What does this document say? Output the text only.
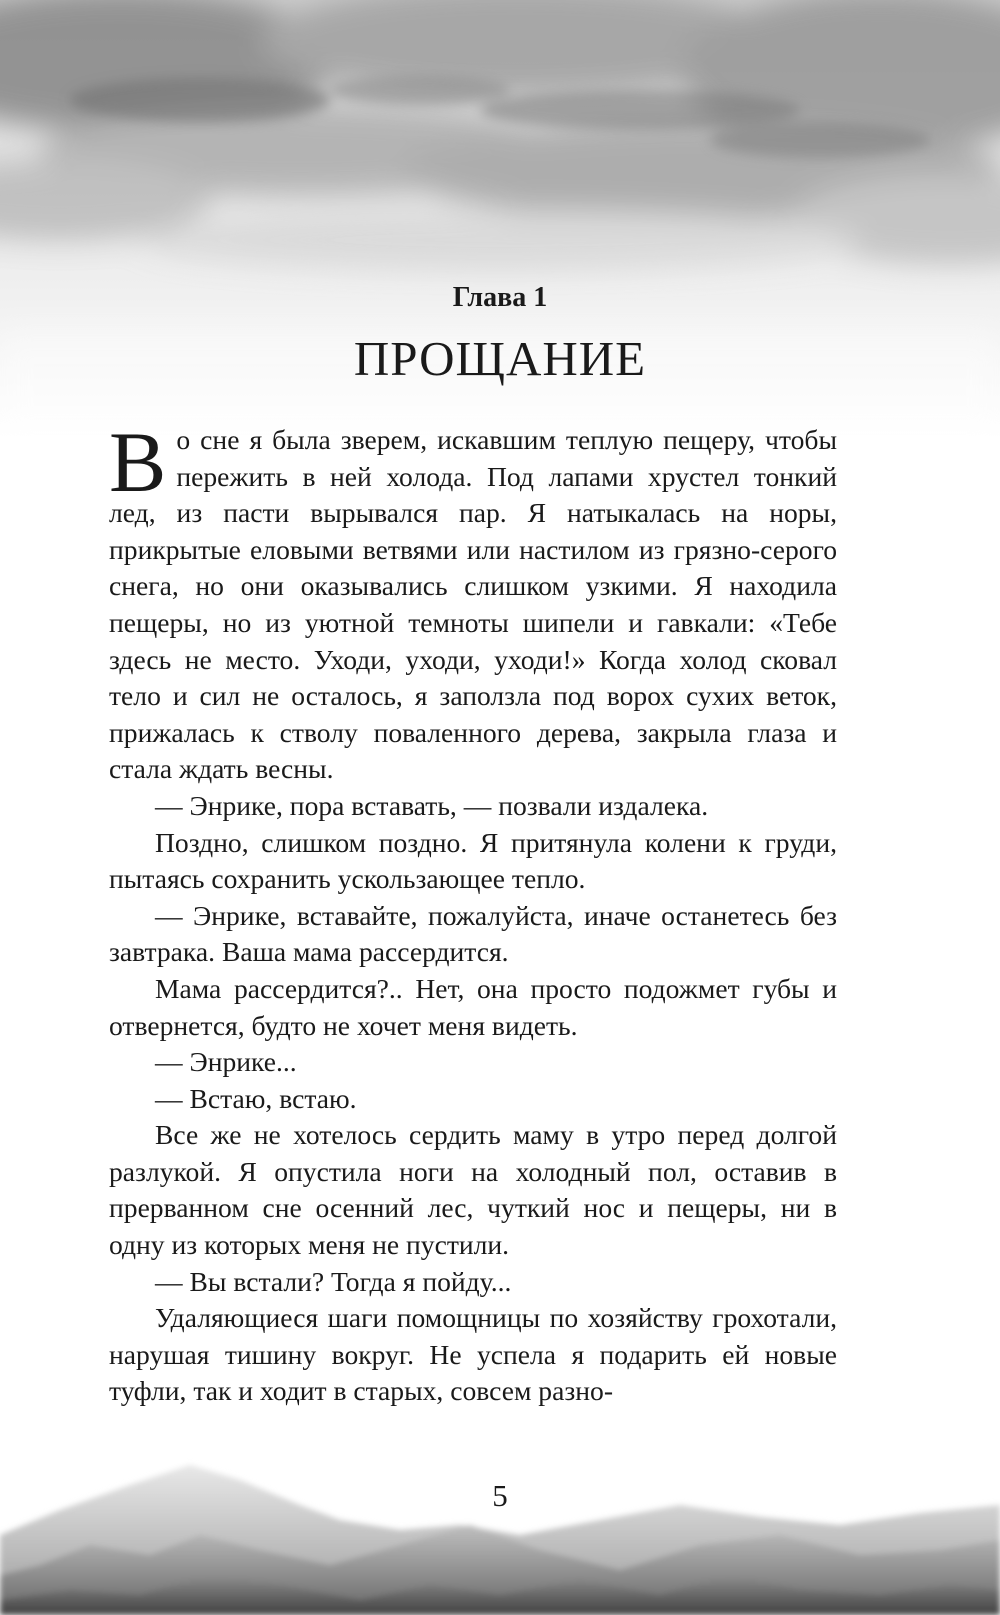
Глава 1
ПРОЩАНИЕ

В о сне я была зверем, искавшим теплую пещеру, чтобы пережить в ней холода. Под лапами хрустел тонкий лед, из пасти вырывался пар. Я натыкалась на норы, прикрытые еловыми ветвями или настилом из грязно-серого снега, но они оказывались слишком узкими. Я находила пещеры, но из уютной темноты шипели и гавкали: «Тебе здесь не место. Уходи, уходи, уходи!» Когда холод сковал тело и сил не осталось, я заползла под ворох сухих веток, прижалась к стволу поваленного дерева, закрыла глаза и стала ждать весны.

— Энрике, пора вставать, — позвали издалека.

Поздно, слишком поздно. Я притянула колени к груди, пытаясь сохранить ускользающее тепло.

— Энрике, вставайте, пожалуйста, иначе останетесь без завтрака. Ваша мама рассердится.

Мама рассердится?.. Нет, она просто подожмет губы и отвернется, будто не хочет меня видеть.

— Энрике...

— Встаю, встаю.

Все же не хотелось сердить маму в утро перед долгой разлукой. Я опустила ноги на холодный пол, оставив в прерванном сне осенний лес, чуткий нос и пещеры, ни в одну из которых меня не пустили.

— Вы встали? Тогда я пойду...

Удаляющиеся шаги помощницы по хозяйству грохотали, нарушая тишину вокруг. Не успела я подарить ей новые туфли, так и ходит в старых, совсем разно-

5
